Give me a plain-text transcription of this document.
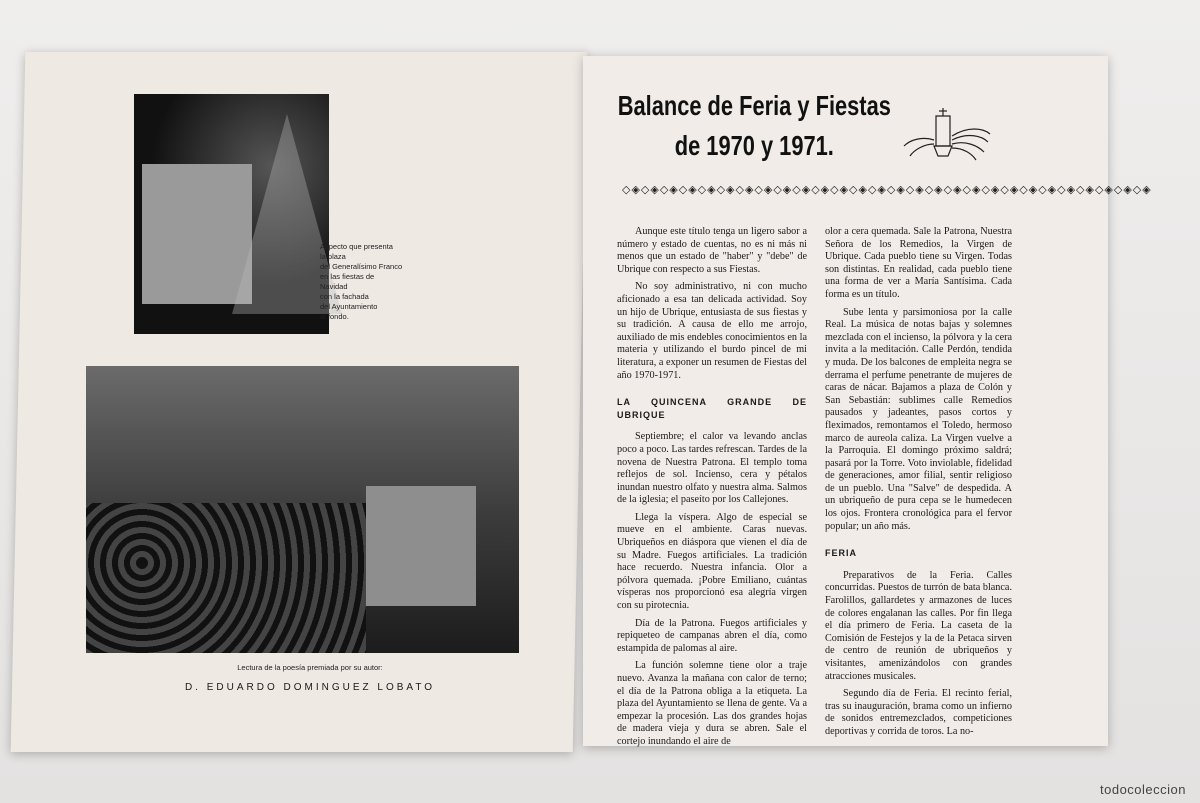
Aspecto que presenta
la plaza
del Generalísimo Franco
en las fiestas de
Navidad
con la fachada
del Ayuntamiento
al fondo.
Lectura de la poesía premiada por su autor:
D. EDUARDO DOMINGUEZ LOBATO
Balance de Feria y Fiestas
de 1970 y 1971.
◇◈◇◈◇◈◇◈◇◈◇◈◇◈◇◈◇◈◇◈◇◈◇◈◇◈◇◈◇◈◇◈◇◈◇◈◇◈◇◈◇◈◇◈◇◈◇◈◇◈◇◈◇◈◇◈

Aunque este título tenga un ligero sabor a número y estado de cuentas, no es ni más ni menos que un estado de "haber" y "debe" de Ubrique con respecto a sus Fiestas.

No soy administrativo, ni con mucho aficionado a esa tan delicada actividad. Soy un hijo de Ubrique, entusiasta de sus fiestas y su tradición. A causa de ello me arrojo, auxiliado de mis endebles conocimientos en la materia y utilizando el burdo pincel de mi literatura, a exponer un resumen de Fiestas del año 1970-1971.

LA QUINCENA GRANDE DE UBRIQUE

Septiembre; el calor va levando anclas poco a poco. Las tardes refrescan. Tardes de la novena de Nuestra Patrona. El templo toma reflejos de sol. Incienso, cera y pétalos inundan nuestro olfato y nuestra alma. Salmos de la iglesia; el paseíto por los Callejones.

Llega la víspera. Algo de especial se mueve en el ambiente. Caras nuevas. Ubriqueños en diáspora que vienen el día de su Madre. Fuegos artificiales. La tradición hace recuerdo. Nuestra infancia. Olor a pólvora quemada. ¡Pobre Emiliano, cuántas vísperas nos proporcionó esa alegría virgen con su pirotecnia.

Día de la Patrona. Fuegos artificiales y repiqueteo de campanas abren el día, como estampida de palomas al aire.

La función solemne tiene olor a traje nuevo. Avanza la mañana con calor de terno; el día de la Patrona obliga a la etiqueta. La plaza del Ayuntamiento se llena de gente. Va a empezar la procesión. Las dos grandes hojas de madera vieja y dura se abren. Sale el cortejo inundando el aire de

olor a cera quemada. Sale la Patrona, Nuestra Señora de los Remedios, la Virgen de Ubrique. Cada pueblo tiene su Virgen. Todas son distintas. En realidad, cada pueblo tiene una forma de ver a María Santísima. Cada forma es un título.

Sube lenta y parsimoniosa por la calle Real. La música de notas bajas y solemnes mezclada con el incienso, la pólvora y la cera invita a la meditación. Calle Perdón, tendida y muda. De los balcones de empleita negra se derrama el perfume penetrante de mujeres de caras de nácar. Bajamos a plaza de Colón y San Sebastián: sublimes calle Remedios pausados y jadeantes, pasos cortos y fleximados, remontamos el Toledo, hermoso marco de aureola caliza. La Virgen vuelve a la Parroquia. El domingo próximo saldrá; pasará por la Torre. Voto inviolable, fidelidad de generaciones, amor filial, sentir religioso de un pueblo. Una "Salve" de despedida. A un ubriqueño de pura cepa se le humedecen los ojos. Frontera cronológica para el fervor popular; un año más.

FERIA

Preparativos de la Feria. Calles concurridas. Puestos de turrón de bata blanca. Farolillos, gallardetes y armazones de luces de colores engalanan las calles. Por fin llega el día primero de Feria. La caseta de la Comisión de Festejos y la de la Petaca sirven de centro de reunión de ubriqueños y visitantes, amenizándolos con grandes atracciones musicales.

Segundo día de Feria. El recinto ferial, tras su inauguración, brama como un infierno de sonidos entremezclados, competiciones deportivas y corrida de toros. La no-

todocoleccion
